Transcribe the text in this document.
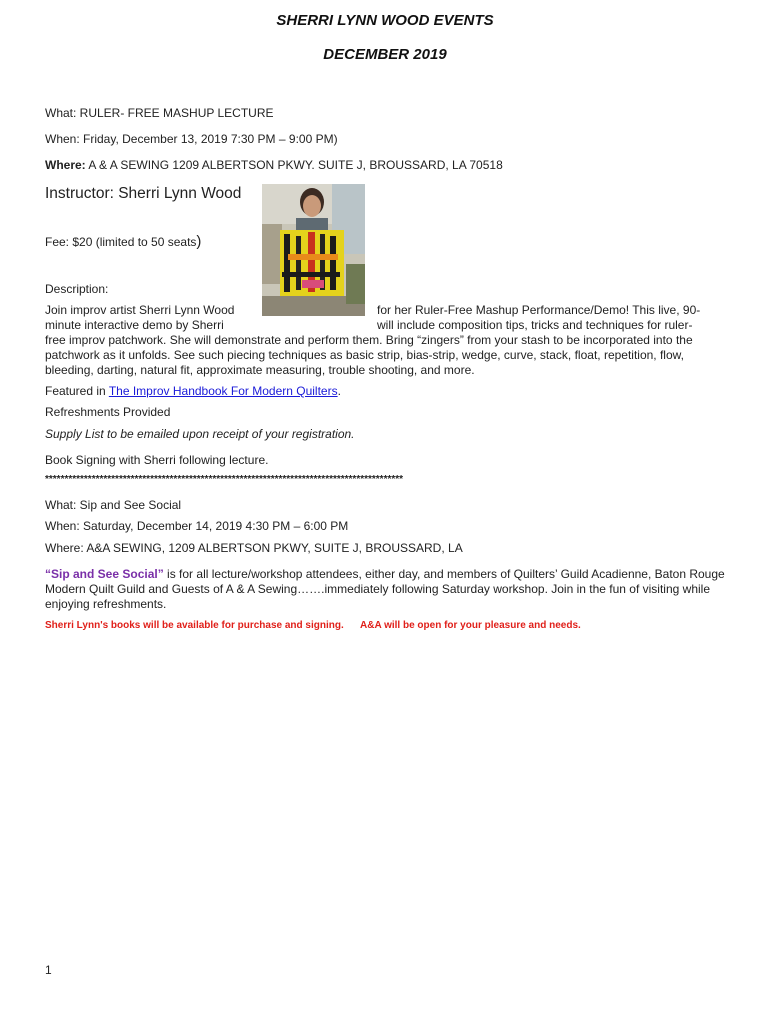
SHERRI LYNN WOOD EVENTS
DECEMBER 2019
What: RULER- FREE MASHUP LECTURE
When: Friday, December 13, 2019 7:30 PM – 9:00 PM)
Where: A & A SEWING 1209 ALBERTSON PKWY. SUITE J, BROUSSARD, LA 70518
Instructor: Sherri Lynn Wood
Fee: $20 (limited to 50 seats)
Description:
Join improv artist Sherri Lynn Wood	for her Ruler-Free Mashup Performance/Demo! This live, 90-
minute interactive demo by Sherri	will include composition tips, tricks and techniques for ruler-
free improv patchwork. She will demonstrate and perform them. Bring “zingers” from your stash to be incorporated into the patchwork as it unfolds. See such piecing techniques as basic strip, bias-strip, wedge, curve, stack, float, repetition, flow, bleeding, darting, natural fit, approximate measuring, trouble shooting, and more.
Featured in The Improv Handbook For Modern Quilters.
Refreshments Provided
Supply List to be emailed upon receipt of your registration.
Book Signing with Sherri following lecture.
********************************************************************************************
What: Sip and See Social
When: Saturday, December 14, 2019 4:30 PM – 6:00 PM
Where: A&A SEWING, 1209 ALBERTSON PKWY, SUITE J, BROUSSARD, LA
“Sip and See Social” is for all lecture/workshop attendees, either day, and members of Quilters’ Guild Acadienne, Baton Rouge Modern Quilt Guild and Guests of A & A Sewing…….immediately following Saturday workshop. Join in the fun of visiting while enjoying refreshments.
Sherri Lynn's books will be available for purchase and signing. A&A will be open for your pleasure and needs.
1
